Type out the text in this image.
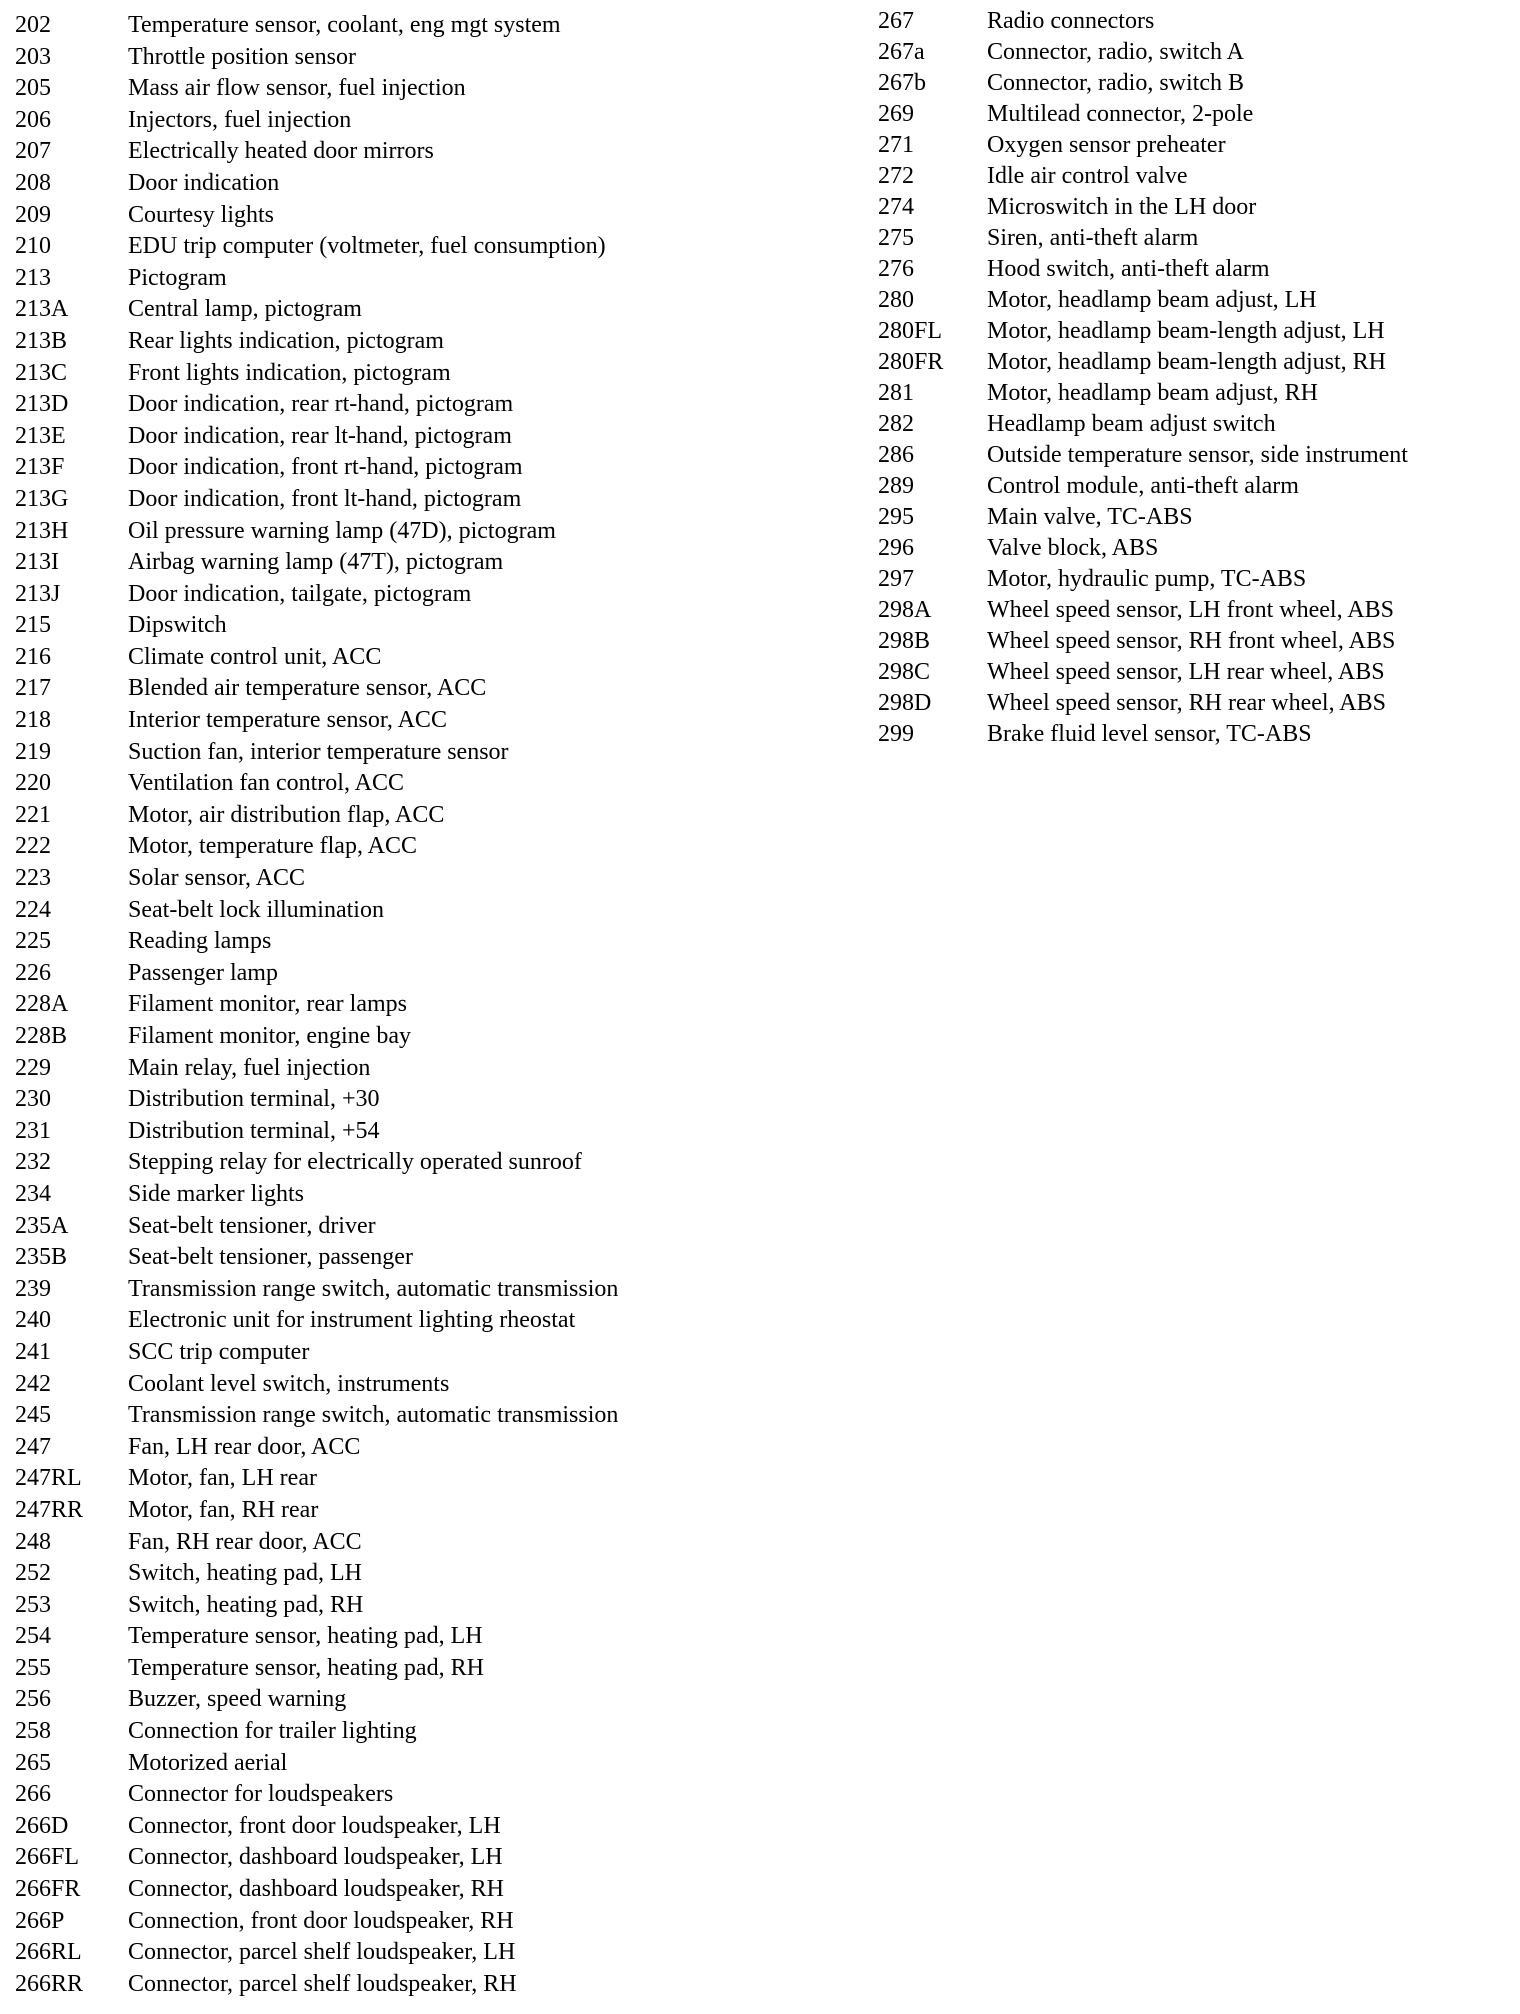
202	Temperature sensor, coolant, eng mgt system
203	Throttle position sensor
205	Mass air flow sensor, fuel injection
206	Injectors, fuel injection
207	Electrically heated door mirrors
208	Door indication
209	Courtesy lights
210	EDU trip computer (voltmeter, fuel consumption)
213	Pictogram
213A	Central lamp, pictogram
213B	Rear lights indication, pictogram
213C	Front lights indication, pictogram
213D	Door indication, rear rt-hand, pictogram
213E	Door indication, rear lt-hand, pictogram
213F	Door indication, front rt-hand, pictogram
213G	Door indication, front lt-hand, pictogram
213H	Oil pressure warning lamp (47D), pictogram
213I	Airbag warning lamp (47T), pictogram
213J	Door indication, tailgate, pictogram
215	Dipswitch
216	Climate control unit, ACC
217	Blended air temperature sensor, ACC
218	Interior temperature sensor, ACC
219	Suction fan, interior temperature sensor
220	Ventilation fan control, ACC
221	Motor, air distribution flap, ACC
222	Motor, temperature flap, ACC
223	Solar sensor, ACC
224	Seat-belt lock illumination
225	Reading lamps
226	Passenger lamp
228A	Filament monitor, rear lamps
228B	Filament monitor, engine bay
229	Main relay, fuel injection
230	Distribution terminal, +30
231	Distribution terminal, +54
232	Stepping relay for electrically operated sunroof
234	Side marker lights
235A	Seat-belt tensioner, driver
235B	Seat-belt tensioner, passenger
239	Transmission range switch, automatic transmission
240	Electronic unit for instrument lighting rheostat
241	SCC trip computer
242	Coolant level switch, instruments
245	Transmission range switch, automatic transmission
247	Fan, LH rear door, ACC
247RL	Motor, fan, LH rear
247RR	Motor, fan, RH rear
248	Fan, RH rear door, ACC
252	Switch, heating pad, LH
253	Switch, heating pad, RH
254	Temperature sensor, heating pad, LH
255	Temperature sensor, heating pad, RH
256	Buzzer, speed warning
258	Connection for trailer lighting
265	Motorized aerial
266	Connector for loudspeakers
266D	Connector, front door loudspeaker, LH
266FL	Connector, dashboard loudspeaker, LH
266FR	Connector, dashboard loudspeaker, RH
266P	Connection, front door loudspeaker, RH
266RL	Connector, parcel shelf loudspeaker, LH
266RR	Connector, parcel shelf loudspeaker, RH
267	Radio connectors
267a	Connector, radio, switch A
267b	Connector, radio, switch B
269	Multilead connector, 2-pole
271	Oxygen sensor preheater
272	Idle air control valve
274	Microswitch in the LH door
275	Siren, anti-theft alarm
276	Hood switch, anti-theft alarm
280	Motor, headlamp beam adjust, LH
280FL	Motor, headlamp beam-length adjust, LH
280FR	Motor, headlamp beam-length adjust, RH
281	Motor, headlamp beam adjust, RH
282	Headlamp beam adjust switch
286	Outside temperature sensor, side instrument
289	Control module, anti-theft alarm
295	Main valve, TC-ABS
296	Valve block, ABS
297	Motor, hydraulic pump, TC-ABS
298A	Wheel speed sensor, LH front wheel, ABS
298B	Wheel speed sensor, RH front wheel, ABS
298C	Wheel speed sensor, LH rear wheel, ABS
298D	Wheel speed sensor, RH rear wheel, ABS
299	Brake fluid level sensor, TC-ABS
